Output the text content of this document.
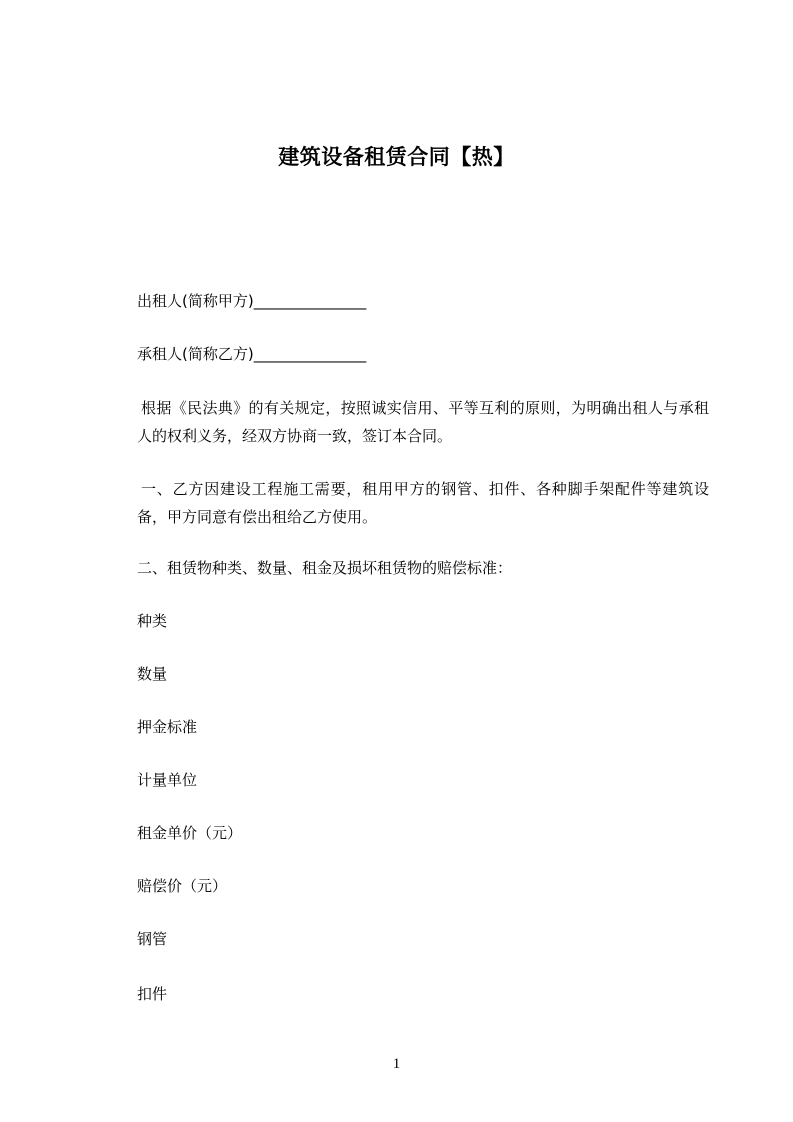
建筑设备租赁合同【热】
出租人(简称甲方)_______________
承租人(简称乙方)_______________
根据《民法典》的有关规定，按照诚实信用、平等互利的原则，为明确出租人与承租人的权利义务，经双方协商一致，签订本合同。
一、乙方因建设工程施工需要，租用甲方的钢管、扣件、各种脚手架配件等建筑设备，甲方同意有偿出租给乙方使用。
二、租赁物种类、数量、租金及损坏租赁物的赔偿标准：
种类
数量
押金标准
计量单位
租金单价（元）
赔偿价（元）
钢管
扣件
1
